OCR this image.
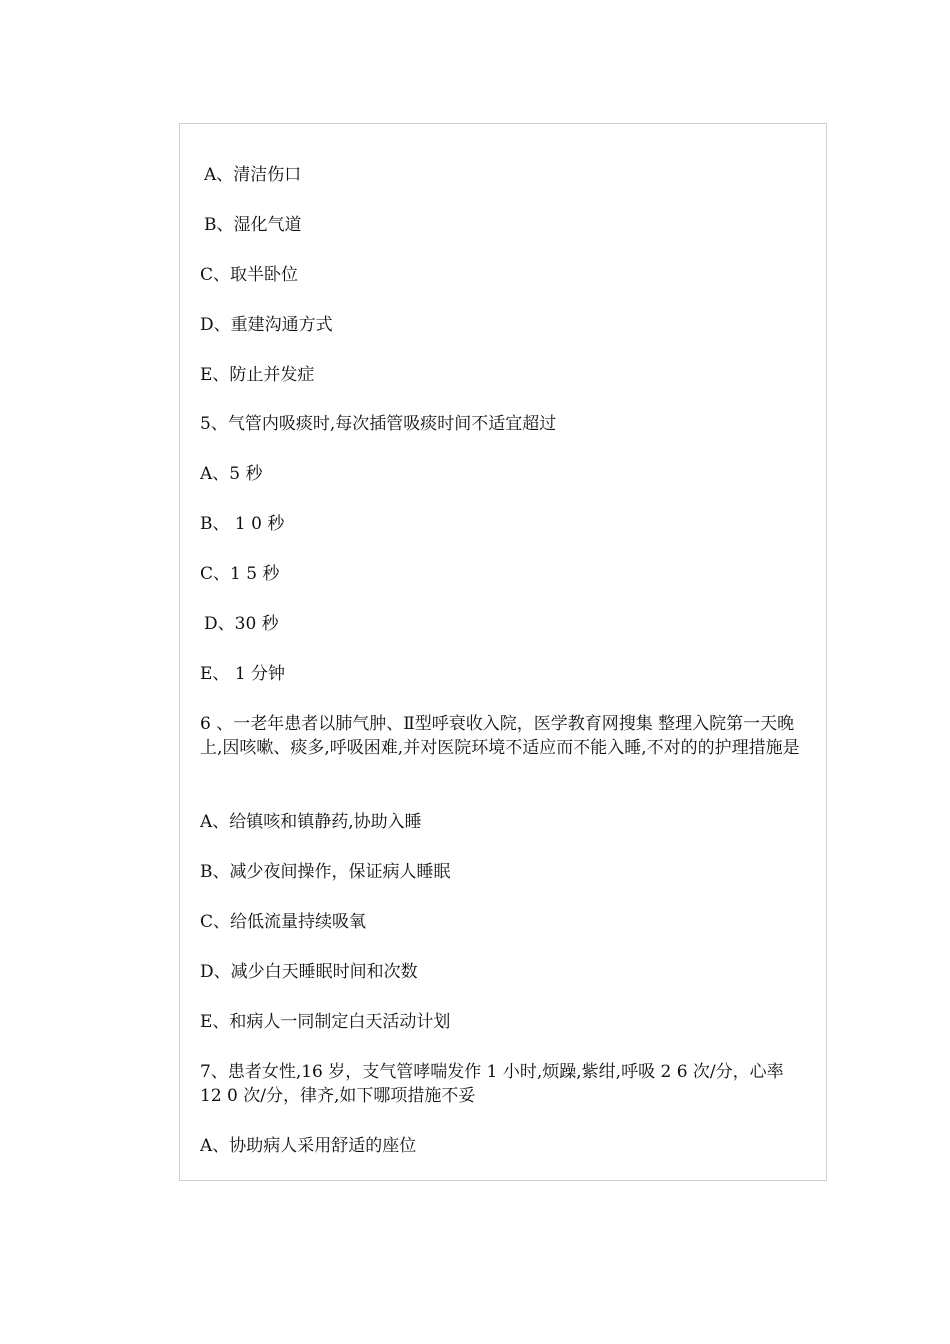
A、清洁伤口
B、湿化气道
C、取半卧位
D、重建沟通方式
E、防止并发症
5、气管内吸痰时,每次插管吸痰时间不适宜超过
A、5 秒
B、 1 0 秒
C、1 5 秒
D、30 秒
E、 1 分钟
6 、一老年患者以肺气肿、Ⅱ型呼衰收入院，医学教育网搜集 整理入院第一天晚上,因咳嗽、痰多,呼吸困难,并对医院环境不适应而不能入睡,不对的的护理措施是
A、给镇咳和镇静药,协助入睡
B、减少夜间操作，保证病人睡眠
C、给低流量持续吸氧
D、减少白天睡眠时间和次数
E、和病人一同制定白天活动计划
7、患者女性,16 岁，支气管哮喘发作 1 小时,烦躁,紫绀,呼吸 2 6 次/分，心率 12 0 次/分，律齐,如下哪项措施不妥
A、协助病人采用舒适的座位
